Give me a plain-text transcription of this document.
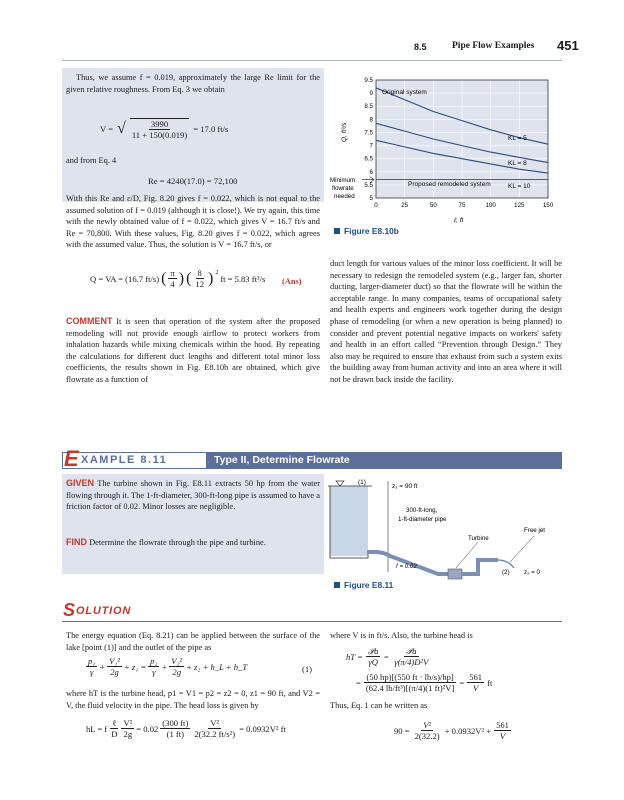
8.5	Pipe Flow Examples 451
Thus, we assume f = 0.019, approximately the large Re limit for the given relative roughness. From Eq. 3 we obtain
V = √ $\frac{3990}{11 + 150(0.019)} = 17.0$ ft/s
and from Eq. 4
Re = 4240(17.0) = 72,100
With this Re and ε/D, Fig. 8.20 gives f = 0.022, which is not equal to the assumed solution of f = 0.019 (although it is close!). We try again, this time with the newly obtained value of f = 0.022, which gives V = 16.7 ft/s and Re = 70,800. With these values, Fig. 8.20 gives f = 0.022, which agrees with the assumed value. Thus, the solution is V = 16.7 ft/s, or
Q = VA = (16.7 ft/s) ( $\frac{\pi}{4}$ ) ( $\frac{8}{12}$ ) 2
ft = 5.83 ft³/s (Ans)
COMMENT It is seen that operation of the system after the proposed remodeling will not provide enough airflow to protect workers from inhalation hazards while mixing chemicals within the hood. By repeating the calculations for different duct lengths and different total minor loss coefficients, the results shown in Fig. E8.10b are obtained, which give flowrate as a function of
5
5.5
6
6.5
7
7.5
8
8.5
9
9.5
0	25	50	75	100	125	150
Original system
Proposed remodeled system
KL = 5
KL = 8
KL = 10
Minimum
flowrate
needed
Q, ft³/s
ℓ, ft
Figure E8.10b
duct length for various values of the minor loss coefficient. It will be necessary to redesign the remodeled system (e.g., larger fan, shorter ducting, larger-diameter duct) so that the flowrate will be within the acceptable range. In many companies, teams of occupational safety and health experts and engineers work together during the design phase of remodeling (or when a new operation is being planned) to consider and prevent potential negative impacts on workers' safety and health in an effort called “Prevention through Design.” They also may be required to ensure that exhaust from such a system exits the building away from human activity and into an area where it will not be drawn back inside the facility.
E XAMPLE 8.11	Type II, Determine Flowrate
GIVEN The turbine shown in Fig. E8.11 extracts 50 hp from the water flowing through it. The 1-ft-diameter, 300-ft-long pipe is assumed to have a friction factor of 0.02. Minor losses are negligible.
FIND Determine the flowrate through the pipe and turbine.
(1)
z₁ = 90 ft
300-ft-long,
1-ft-diameter pipe
Turbine
Free jet
f = 0.02
(2) z₂ = 0
Figure E8.11
S OLUTION
The energy equation (Eq. 8.21) can be applied between the surface of the lake [point (1)] and the outlet of the pipe as
$\frac{\text{p₁}}{\gamma} + \frac{\text{V₁²}}{2g} + z_1 = \frac{\text{p₂}}{\gamma} + \frac{\text{V₂²}}{2g} + z_2$ + h_L + h_T	(1)
where hT is the turbine head, p1 = V1 = p2 = z2 = 0, z1 = 90 ft, and V2 = V, the fluid velocity in the pipe. The head loss is given by
hL = f $\frac{\text{ℓ}}{D} \frac{\text{V²}}{2g} = 0.02 \frac{(300 ft)}{(1 ft)} \frac{\text{V²}}{\text{2(32.2 ft/s²)}} = 0.0932V^2$ ft
where V is in ft/s. Also, the turbine head is
hT = $\frac{\text{𝒫a}}{\gamma Q} = \frac{\text{𝒫a}}{\text{γ(π/4)D²V}}$
= $\frac{(50 hp)[(550 ft \cdot lb/s)/hp]}{\text{(62.4 lb/ft³)[(π/4)(1 ft)²V]}} = \frac{561}{V}$ ft
Thus, Eq. 1 can be written as
$90 = \frac{\text{V²}}{2(32.2)} + 0.0932V^2 + \frac{561}{V}$
